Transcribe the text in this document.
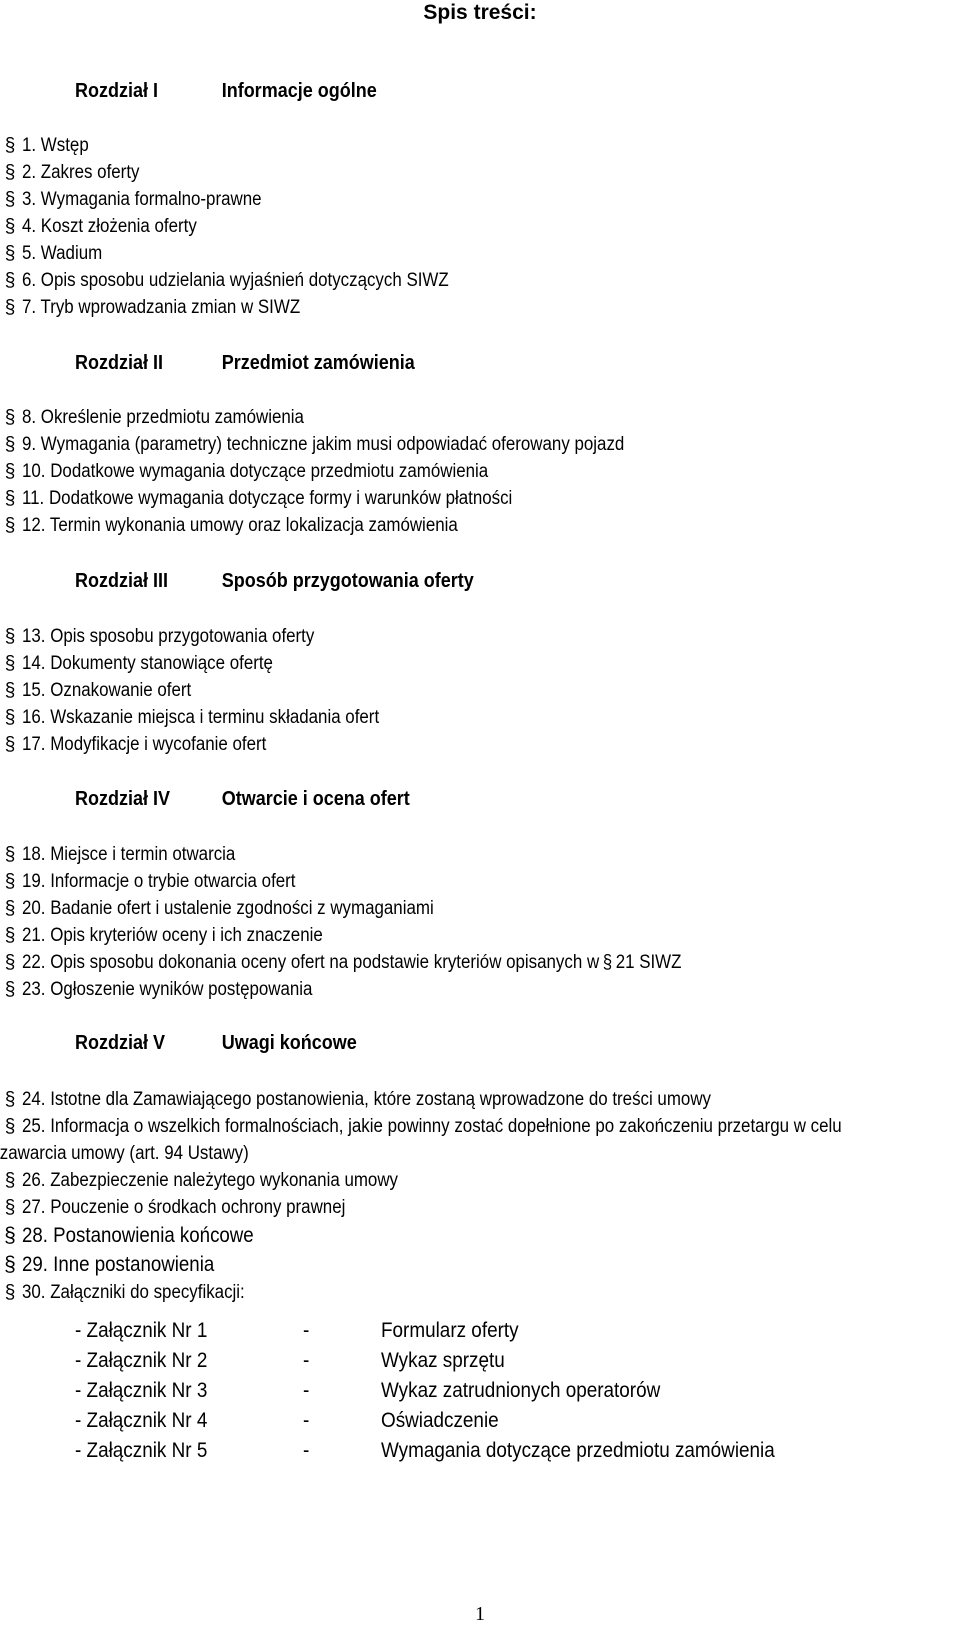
Spis treści:
Rozdział I	Informacje ogólne
§ 1. Wstęp
§ 2. Zakres oferty
§ 3. Wymagania formalno-prawne
§ 4. Koszt złożenia oferty
§ 5. Wadium
§ 6. Opis sposobu udzielania wyjaśnień dotyczących SIWZ
§ 7. Tryb wprowadzania zmian w SIWZ
Rozdział II	Przedmiot zamówienia
§ 8. Określenie przedmiotu zamówienia
§ 9. Wymagania (parametry) techniczne jakim musi odpowiadać oferowany pojazd
§ 10. Dodatkowe wymagania dotyczące przedmiotu zamówienia
§ 11. Dodatkowe wymagania dotyczące formy i warunków płatności
§ 12. Termin wykonania umowy oraz lokalizacja zamówienia
Rozdział III	Sposób przygotowania oferty
§ 13. Opis sposobu przygotowania oferty
§ 14. Dokumenty stanowiące ofertę
§ 15. Oznakowanie ofert
§ 16. Wskazanie miejsca i terminu składania ofert
§ 17. Modyfikacje i wycofanie ofert
Rozdział IV	Otwarcie i ocena ofert
§ 18. Miejsce i termin otwarcia
§ 19. Informacje o trybie otwarcia ofert
§ 20. Badanie ofert i ustalenie zgodności z wymaganiami
§ 21. Opis kryteriów oceny i ich znaczenie
§ 22. Opis sposobu dokonania oceny ofert na podstawie kryteriów opisanych w § 21 SIWZ
§ 23. Ogłoszenie wyników postępowania
Rozdział V	Uwagi końcowe
§ 24. Istotne dla Zamawiającego postanowienia, które zostaną wprowadzone do treści umowy
§ 25. Informacja o wszelkich formalnościach, jakie powinny zostać dopełnione po zakończeniu przetargu w celu
zawarcia umowy (art. 94 Ustawy)
§ 26. Zabezpieczenie należytego wykonania umowy
§ 27. Pouczenie o środkach ochrony prawnej
§ 28. Postanowienia końcowe
§ 29. Inne postanowienia
§ 30. Załączniki do specyfikacji:
- Załącznik Nr 1	-	Formularz oferty
- Załącznik Nr 2	-	Wykaz sprzętu
- Załącznik Nr 3	-	Wykaz zatrudnionych operatorów
- Załącznik Nr 4	-	Oświadczenie
- Załącznik Nr 5	-	Wymagania dotyczące przedmiotu zamówienia
1
